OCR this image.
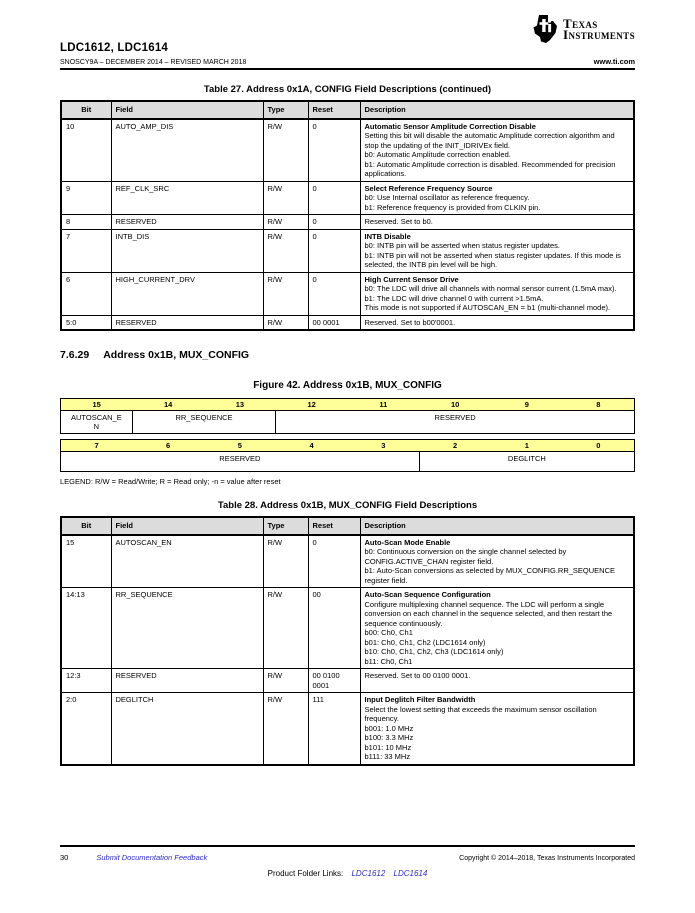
LDC1612, LDC1614
Texas
Instruments
SNOSCY9A – DECEMBER 2014 – REVISED MARCH 2018	www.ti.com
Table 27. Address 0x1A, CONFIG Field Descriptions (continued)
Bit	Field	Type	Reset	Description
10	AUTO_AMP_DIS	R/W	0	Automatic Sensor Amplitude Correction Disable
Setting this bit will disable the automatic Amplitude correction algorithm and stop the updating of the INIT_IDRIVEx field.
b0: Automatic Amplitude correction enabled.
b1: Automatic Amplitude correction is disabled. Recommended for precision applications.

9	REF_CLK_SRC	R/W	0	Select Reference Frequency Source
b0: Use Internal oscillator as reference frequency.
b1: Reference frequency is provided from CLKIN pin.

8	RESERVED	R/W	0	Reserved. Set to b0.

7	INTB_DIS	R/W	0	INTB Disable
b0: INTB pin will be asserted when status register updates.
b1: INTB pin will not be asserted when status register updates. If this mode is selected, the INTB pin level will be high.

6	HIGH_CURRENT_DRV	R/W	0	High Current Sensor Drive
b0: The LDC will drive all channels with normal sensor current (1.5mA max).
b1: The LDC will drive channel 0 with current >1.5mA.
This mode is not supported if AUTOSCAN_EN = b1 (multi-channel mode).

5:0	RESERVED	R/W	00 0001	Reserved. Set to b00'0001.
7.6.29 Address 0x1B, MUX_CONFIG
Figure 42. Address 0x1B, MUX_CONFIG
15	14	13	12	11	10	9	8
AUTOSCAN_EN	RR_SEQUENCE		RESERVED				
7	6	5	4	3	2	1	0
RESERVED					DEGLITCH		
LEGEND: R/W = Read/Write; R = Read only; -n = value after reset
Table 28. Address 0x1B, MUX_CONFIG Field Descriptions
Bit	Field	Type	Reset	Description
15	AUTOSCAN_EN	R/W	0	Auto-Scan Mode Enable
b0: Continuous conversion on the single channel selected by CONFIG.ACTIVE_CHAN register field.
b1: Auto-Scan conversions as selected by MUX_CONFIG.RR_SEQUENCE register field.

14:13	RR_SEQUENCE	R/W	00	Auto-Scan Sequence Configuration
Configure multiplexing channel sequence. The LDC will perform a single conversion on each channel in the sequence selected, and then restart the sequence continuously.
b00: Ch0, Ch1
b01: Ch0, Ch1, Ch2 (LDC1614 only)
b10: Ch0, Ch1, Ch2, Ch3 (LDC1614 only)
b11: Ch0, Ch1

12:3	RESERVED	R/W	00 0100 0001	Reserved. Set to 00 0100 0001.

2:0	DEGLITCH	R/W	111	Input Deglitch Filter Bandwidth
Select the lowest setting that exceeds the maximum sensor oscillation frequency.
b001: 1.0 MHz
b100: 3.3 MHz
b101: 10 MHz
b111: 33 MHz
30	Submit Documentation Feedback	Copyright © 2014–2018, Texas Instruments Incorporated
Product Folder Links: LDC1612 LDC1614
